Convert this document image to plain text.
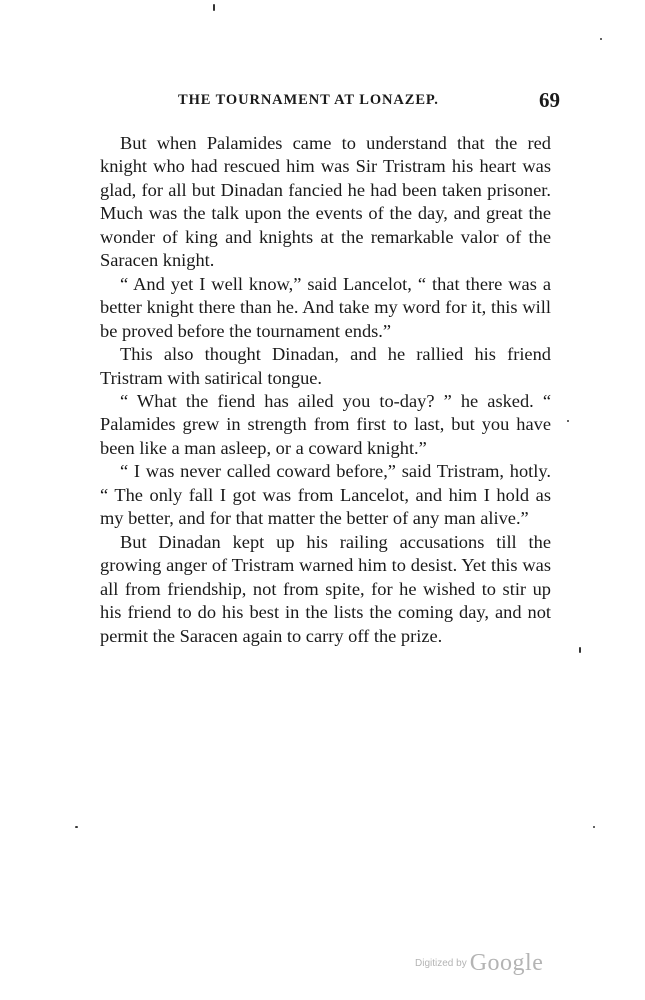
THE TOURNAMENT AT LONAZEP.	69

But when Palamides came to understand that the red knight who had rescued him was Sir Tristram his heart was glad, for all but Dinadan fancied he had been taken prisoner. Much was the talk upon the events of the day, and great the wonder of king and knights at the remarkable valor of the Saracen knight.

“ And yet I well know,” said Lancelot, “ that there was a better knight there than he. And take my word for it, this will be proved before the tournament ends.”

This also thought Dinadan, and he rallied his friend Tristram with satirical tongue.

“ What the fiend has ailed you to-day? ” he asked. “ Palamides grew in strength from first to last, but you have been like a man asleep, or a coward knight.”

“ I was never called coward before,” said Tristram, hotly. “ The only fall I got was from Lancelot, and him I hold as my better, and for that matter the better of any man alive.”

But Dinadan kept up his railing accusations till the growing anger of Tristram warned him to desist. Yet this was all from friendship, not from spite, for he wished to stir up his friend to do his best in the lists the coming day, and not permit the Saracen again to carry off the prize.

$^{Digitized by}$ Google
